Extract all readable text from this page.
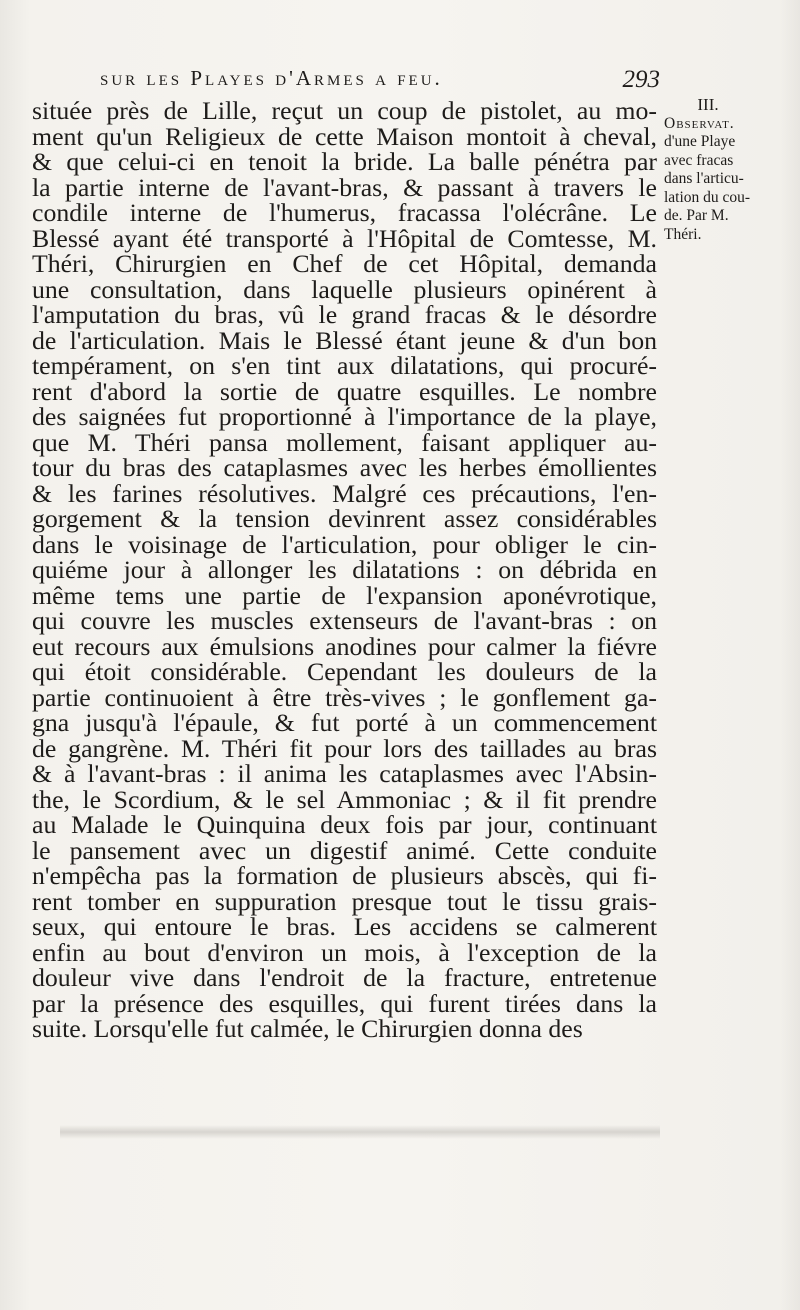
sur les Playes d'Armes a feu.	293
située près de Lille, reçut un coup de pistolet, au mo-
ment qu'un Religieux de cette Maison montoit à cheval,
& que celui-ci en tenoit la bride. La balle pénétra par
la partie interne de l'avant-bras, & passant à travers le
condile interne de l'humerus, fracassa l'olécrâne. Le
Blessé ayant été transporté à l'Hôpital de Comtesse, M.
Théri, Chirurgien en Chef de cet Hôpital, demanda
une consultation, dans laquelle plusieurs opinérent à
l'amputation du bras, vû le grand fracas & le désordre
de l'articulation. Mais le Blessé étant jeune & d'un bon
tempérament, on s'en tint aux dilatations, qui procuré-
rent d'abord la sortie de quatre esquilles. Le nombre
des saignées fut proportionné à l'importance de la playe,
que M. Théri pansa mollement, faisant appliquer au-
tour du bras des cataplasmes avec les herbes émollientes
& les farines résolutives. Malgré ces précautions, l'en-
gorgement & la tension devinrent assez considérables
dans le voisinage de l'articulation, pour obliger le cin-
quiéme jour à allonger les dilatations : on débrida en
même tems une partie de l'expansion aponévrotique,
qui couvre les muscles extenseurs de l'avant-bras : on
eut recours aux émulsions anodines pour calmer la fiévre
qui étoit considérable. Cependant les douleurs de la
partie continuoient à être très-vives ; le gonflement ga-
gna jusqu'à l'épaule, & fut porté à un commencement
de gangrène. M. Théri fit pour lors des taillades au bras
& à l'avant-bras : il anima les cataplasmes avec l'Absin-
the, le Scordium, & le sel Ammoniac ; & il fit prendre
au Malade le Quinquina deux fois par jour, continuant
le pansement avec un digestif animé. Cette conduite
n'empêcha pas la formation de plusieurs abscès, qui fi-
rent tomber en suppuration presque tout le tissu grais-
seux, qui entoure le bras. Les accidens se calmerent
enfin au bout d'environ un mois, à l'exception de la
douleur vive dans l'endroit de la fracture, entretenue
par la présence des esquilles, qui furent tirées dans la
suite. Lorsqu'elle fut calmée, le Chirurgien donna des
III.
Observat.
d'une Playe
avec fracas
dans l'articu-
lation du cou-
de. Par M.
Théri.
